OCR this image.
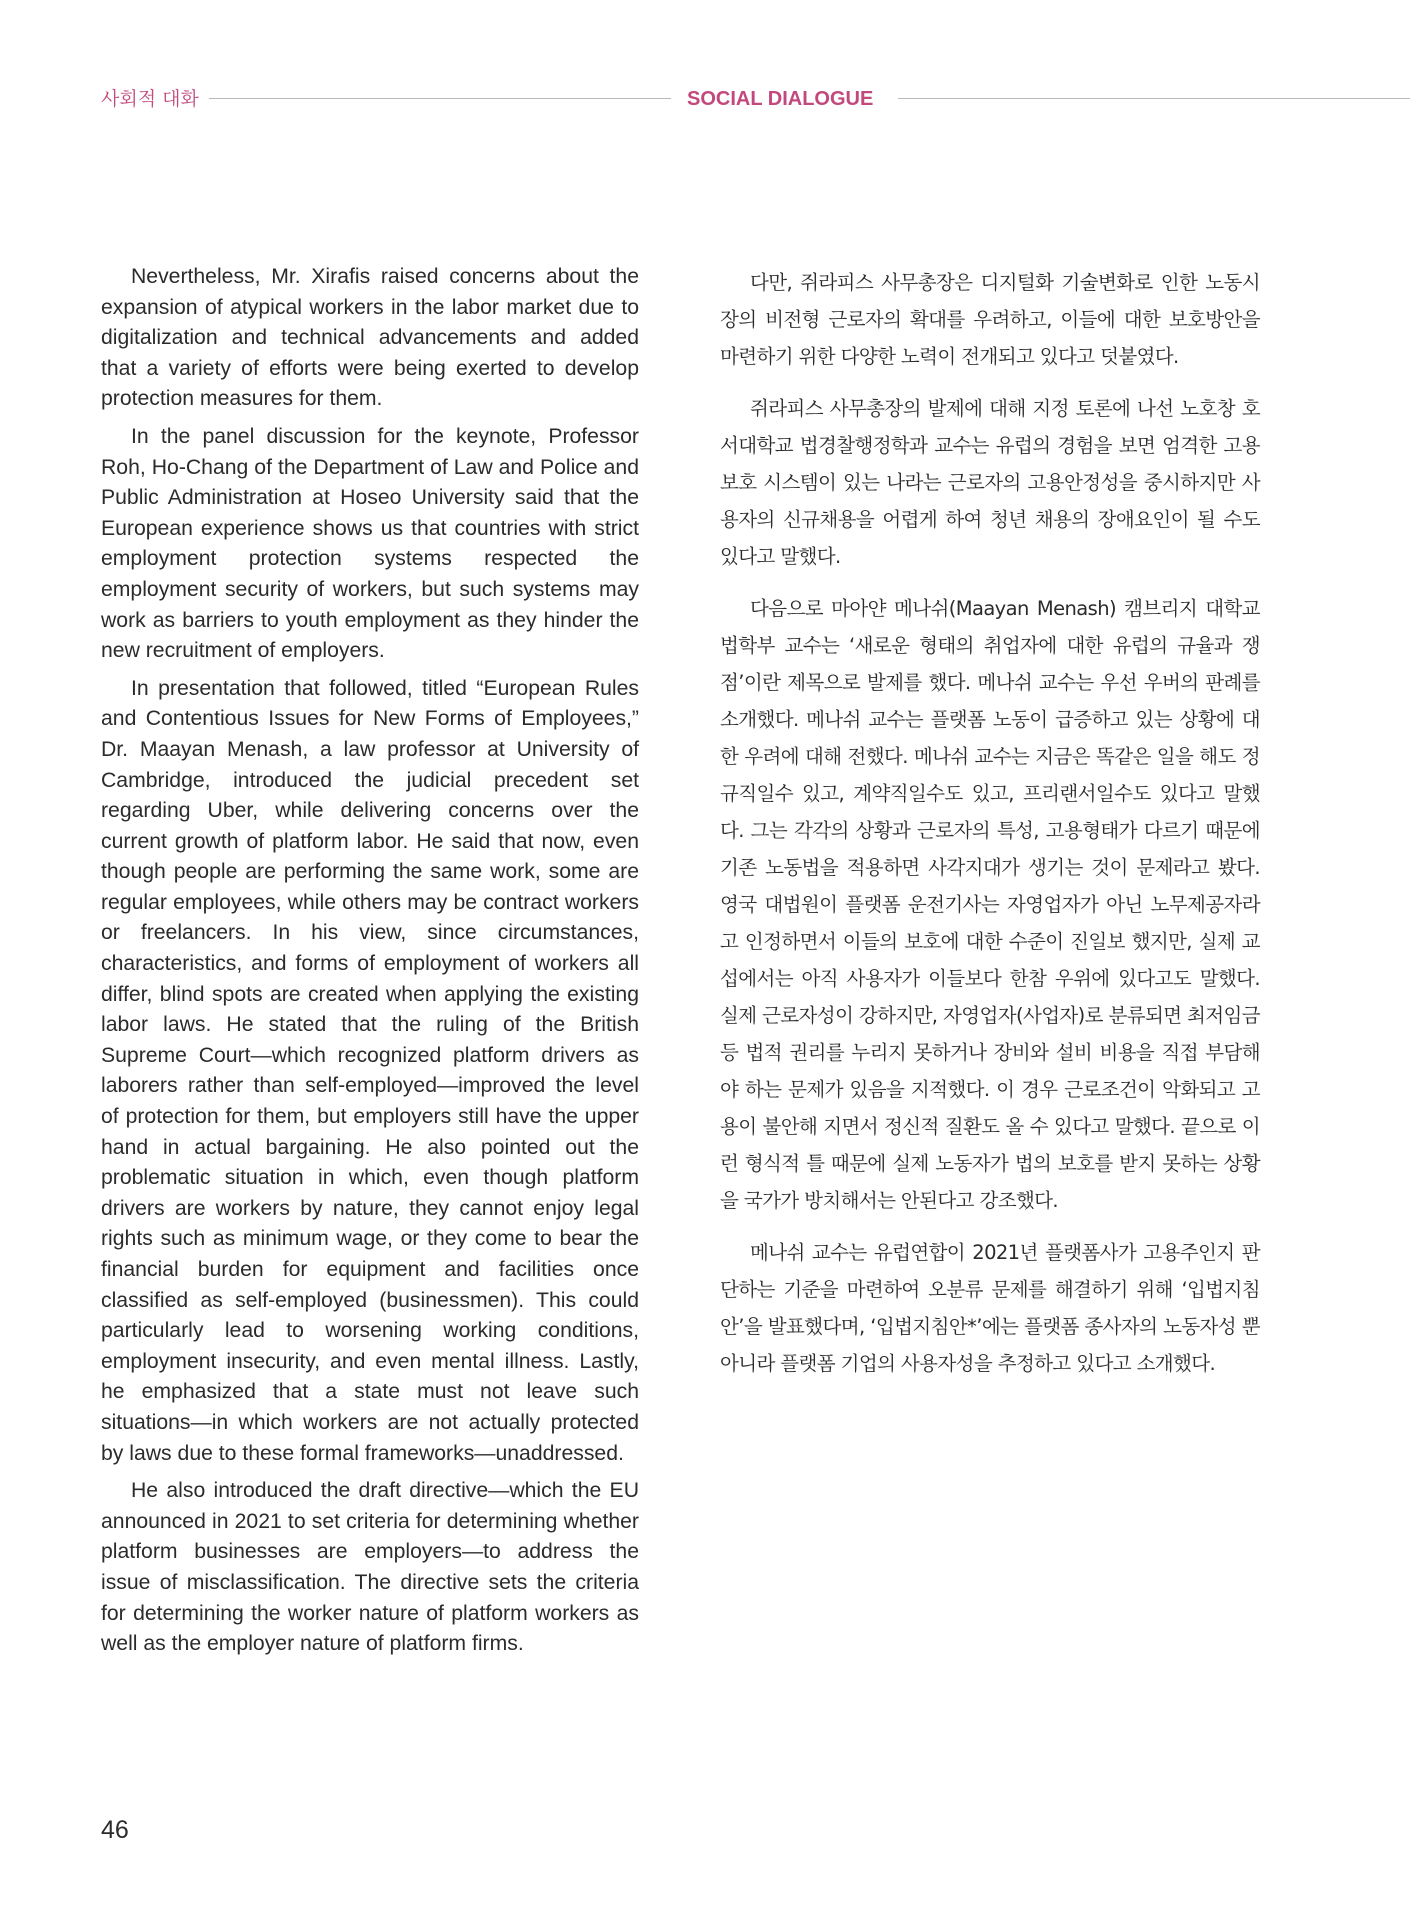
사회적 대화	SOCIAL DIALOGUE

Nevertheless, Mr. Xirafis raised concerns about the expansion of atypical workers in the labor market due to digitalization and technical advancements and added that a variety of efforts were being exerted to develop protection measures for them.

In the panel discussion for the keynote, Professor Roh, Ho-Chang of the Department of Law and Police and Public Administration at Hoseo University said that the European experience shows us that countries with strict employment protection systems respected the employment security of workers, but such systems may work as barriers to youth employment as they hinder the new recruitment of employers.

In presentation that followed, titled “European Rules and Contentious Issues for New Forms of Employees,” Dr. Maayan Menash, a law professor at University of Cambridge, introduced the judicial precedent set regarding Uber, while delivering concerns over the current growth of platform labor. He said that now, even though people are performing the same work, some are regular employees, while others may be contract workers or freelancers. In his view, since circumstances, characteristics, and forms of employment of workers all differ, blind spots are created when applying the existing labor laws. He stated that the ruling of the British Supreme Court—which recognized platform drivers as laborers rather than self-employed—improved the level of protection for them, but employers still have the upper hand in actual bargaining. He also pointed out the problematic situation in which, even though platform drivers are workers by nature, they cannot enjoy legal rights such as minimum wage, or they come to bear the financial burden for equipment and facilities once classified as self-employed (businessmen). This could particularly lead to worsening working conditions, employment insecurity, and even mental illness. Lastly, he emphasized that a state must not leave such situations—in which workers are not actually protected by laws due to these formal frameworks—unaddressed.

He also introduced the draft directive—which the EU announced in 2021 to set criteria for determining whether platform businesses are employers—to address the issue of misclassification. The directive sets the criteria for determining the worker nature of platform workers as well as the employer nature of platform firms.

다만, 쥐라피스 사무총장은 디지털화 기술변화로 인한 노동시장의 비전형 근로자의 확대를 우려하고, 이들에 대한 보호방안을 마련하기 위한 다양한 노력이 전개되고 있다고 덧붙였다.

쥐라피스 사무총장의 발제에 대해 지정 토론에 나선 노호창 호서대학교 법경찰행정학과 교수는 유럽의 경험을 보면 엄격한 고용보호 시스템이 있는 나라는 근로자의 고용안정성을 중시하지만 사용자의 신규채용을 어렵게 하여 청년 채용의 장애요인이 될 수도 있다고 말했다.

다음으로 마아얀 메나쉬(Maayan Menash) 캠브리지 대학교 법학부 교수는 ‘새로운 형태의 취업자에 대한 유럽의 규율과 쟁점’이란 제목으로 발제를 했다. 메나쉬 교수는 우선 우버의 판례를 소개했다. 메나쉬 교수는 플랫폼 노동이 급증하고 있는 상황에 대한 우려에 대해 전했다. 메나쉬 교수는 지금은 똑같은 일을 해도 정규직일수 있고, 계약직일수도 있고, 프리랜서일수도 있다고 말했다. 그는 각각의 상황과 근로자의 특성, 고용형태가 다르기 때문에 기존 노동법을 적용하면 사각지대가 생기는 것이 문제라고 봤다. 영국 대법원이 플랫폼 운전기사는 자영업자가 아닌 노무제공자라고 인정하면서 이들의 보호에 대한 수준이 진일보 했지만, 실제 교섭에서는 아직 사용자가 이들보다 한참 우위에 있다고도 말했다. 실제 근로자성이 강하지만, 자영업자(사업자)로 분류되면 최저임금 등 법적 권리를 누리지 못하거나 장비와 설비 비용을 직접 부담해야 하는 문제가 있음을 지적했다. 이 경우 근로조건이 악화되고 고용이 불안해 지면서 정신적 질환도 올 수 있다고 말했다. 끝으로 이런 형식적 틀 때문에 실제 노동자가 법의 보호를 받지 못하는 상황을 국가가 방치해서는 안된다고 강조했다.

메나쉬 교수는 유럽연합이 2021년 플랫폼사가 고용주인지 판단하는 기준을 마련하여 오분류 문제를 해결하기 위해 ‘입법지침안’을 발표했다며, ‘입법지침안*’에는 플랫폼 종사자의 노동자성 뿐 아니라 플랫폼 기업의 사용자성을 추정하고 있다고 소개했다.

46
